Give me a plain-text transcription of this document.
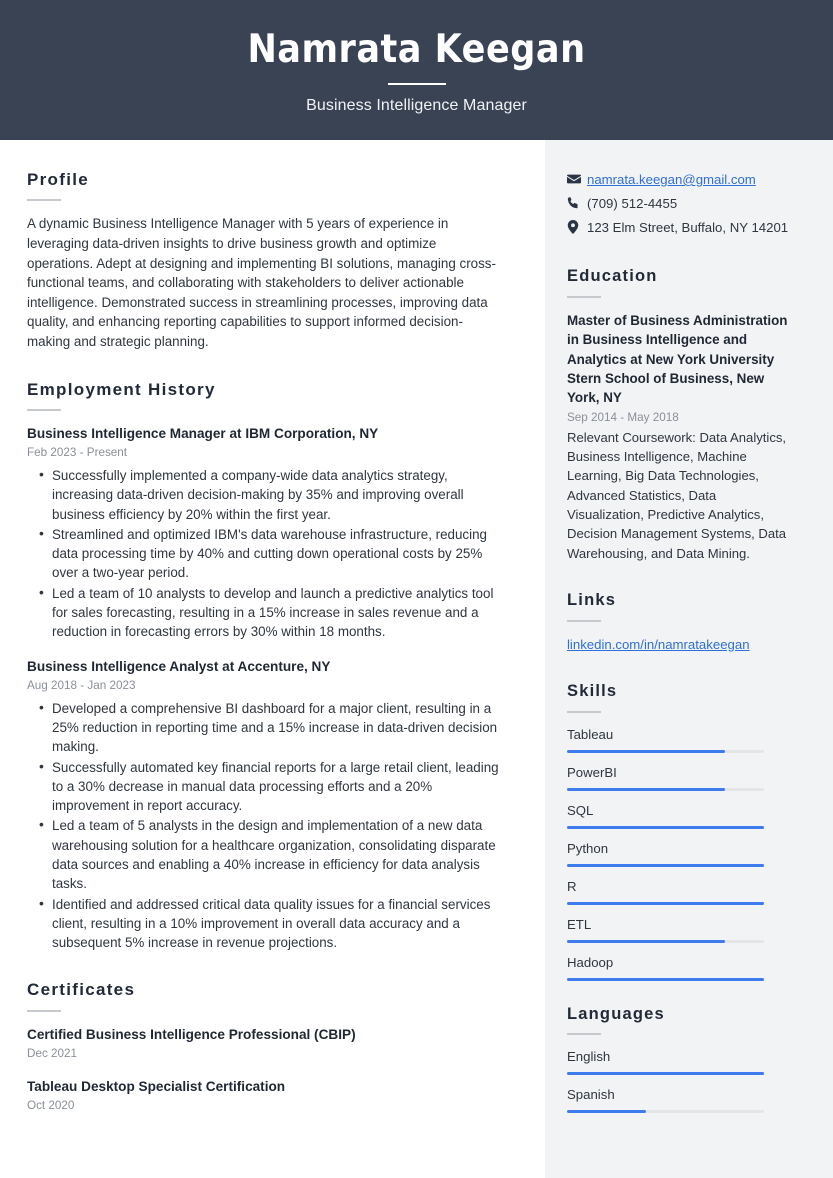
Namrata Keegan
Business Intelligence Manager
Profile
A dynamic Business Intelligence Manager with 5 years of experience in leveraging data-driven insights to drive business growth and optimize operations. Adept at designing and implementing BI solutions, managing cross-functional teams, and collaborating with stakeholders to deliver actionable intelligence. Demonstrated success in streamlining processes, improving data quality, and enhancing reporting capabilities to support informed decision-making and strategic planning.
Employment History
Business Intelligence Manager at IBM Corporation, NY
Feb 2023 - Present
• Successfully implemented a company-wide data analytics strategy, increasing data-driven decision-making by 35% and improving overall business efficiency by 20% within the first year.
• Streamlined and optimized IBM's data warehouse infrastructure, reducing data processing time by 40% and cutting down operational costs by 25% over a two-year period.
• Led a team of 10 analysts to develop and launch a predictive analytics tool for sales forecasting, resulting in a 15% increase in sales revenue and a reduction in forecasting errors by 30% within 18 months.
Business Intelligence Analyst at Accenture, NY
Aug 2018 - Jan 2023
• Developed a comprehensive BI dashboard for a major client, resulting in a 25% reduction in reporting time and a 15% increase in data-driven decision making.
• Successfully automated key financial reports for a large retail client, leading to a 30% decrease in manual data processing efforts and a 20% improvement in report accuracy.
• Led a team of 5 analysts in the design and implementation of a new data warehousing solution for a healthcare organization, consolidating disparate data sources and enabling a 40% increase in efficiency for data analysis tasks.
• Identified and addressed critical data quality issues for a financial services client, resulting in a 10% improvement in overall data accuracy and a subsequent 5% increase in revenue projections.
Certificates
Certified Business Intelligence Professional (CBIP)
Dec 2021
Tableau Desktop Specialist Certification
Oct 2020
namrata.keegan@gmail.com
(709) 512-4455
123 Elm Street, Buffalo, NY 14201
Education
Master of Business Administration in Business Intelligence and Analytics at New York University Stern School of Business, New York, NY
Sep 2014 - May 2018
Relevant Coursework: Data Analytics, Business Intelligence, Machine Learning, Big Data Technologies, Advanced Statistics, Data Visualization, Predictive Analytics, Decision Management Systems, Data Warehousing, and Data Mining.
Links
linkedin.com/in/namratakeegan
Skills
Tableau
PowerBI
SQL
Python
R
ETL
Hadoop
Languages
English
Spanish
